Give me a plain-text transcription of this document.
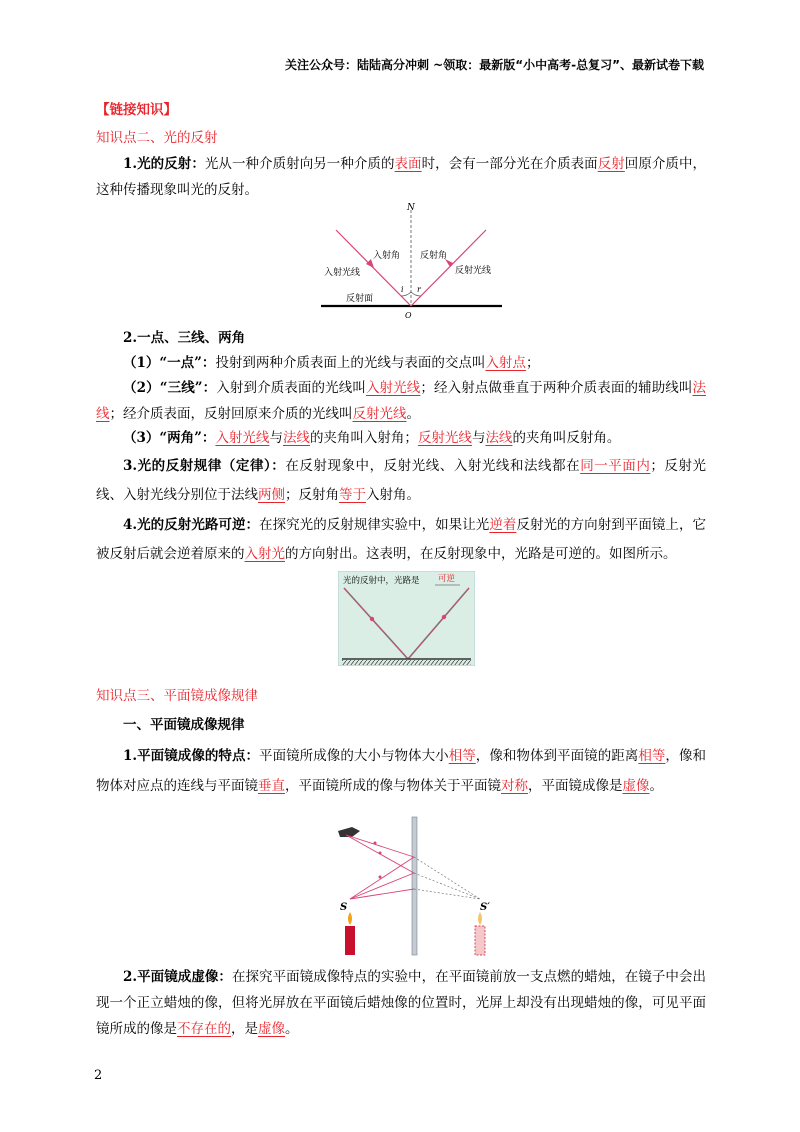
关注公众号：陆陆高分冲刺 ~领取：最新版“小中高考-总复习”、最新试卷下载
【链接知识】
知识点二、光的反射
1.光的反射：光从一种介质射向另一种介质的表面时，会有一部分光在介质表面反射回原介质中，这种传播现象叫光的反射。
N
入射角 反射角
入射光线	反射光线
反射面
i r
O
2.一点、三线、两角
（1）“一点”：投射到两种介质表面上的光线与表面的交点叫入射点；
（2）“三线”：入射到介质表面的光线叫入射光线；经入射点做垂直于两种介质表面的辅助线叫法线；经介质表面，反射回原来介质的光线叫反射光线。
（3）“两角”：入射光线与法线的夹角叫入射角；反射光线与法线的夹角叫反射角。
3.光的反射规律（定律）：在反射现象中，反射光线、入射光线和法线都在同一平面内；反射光线、入射光线分别位于法线两侧；反射角等于入射角。
4.光的反射光路可逆：在探究光的反射规律实验中，如果让光逆着反射光的方向射到平面镜上，它被反射后就会逆着原来的入射光的方向射出。这表明，在反射现象中，光路是可逆的。如图所示。
光的反射中，光路是 可逆
知识点三、平面镜成像规律
一、平面镜成像规律
1.平面镜成像的特点：平面镜所成像的大小与物体大小相等，像和物体到平面镜的距离相等，像和物体对应点的连线与平面镜垂直，平面镜所成的像与物体关于平面镜对称，平面镜成像是虚像。
S	S′
2.平面镜成虚像：在探究平面镜成像特点的实验中，在平面镜前放一支点燃的蜡烛，在镜子中会出现一个正立蜡烛的像，但将光屏放在平面镜后蜡烛像的位置时，光屏上却没有出现蜡烛的像，可见平面镜所成的像是不存在的，是虚像。
2
